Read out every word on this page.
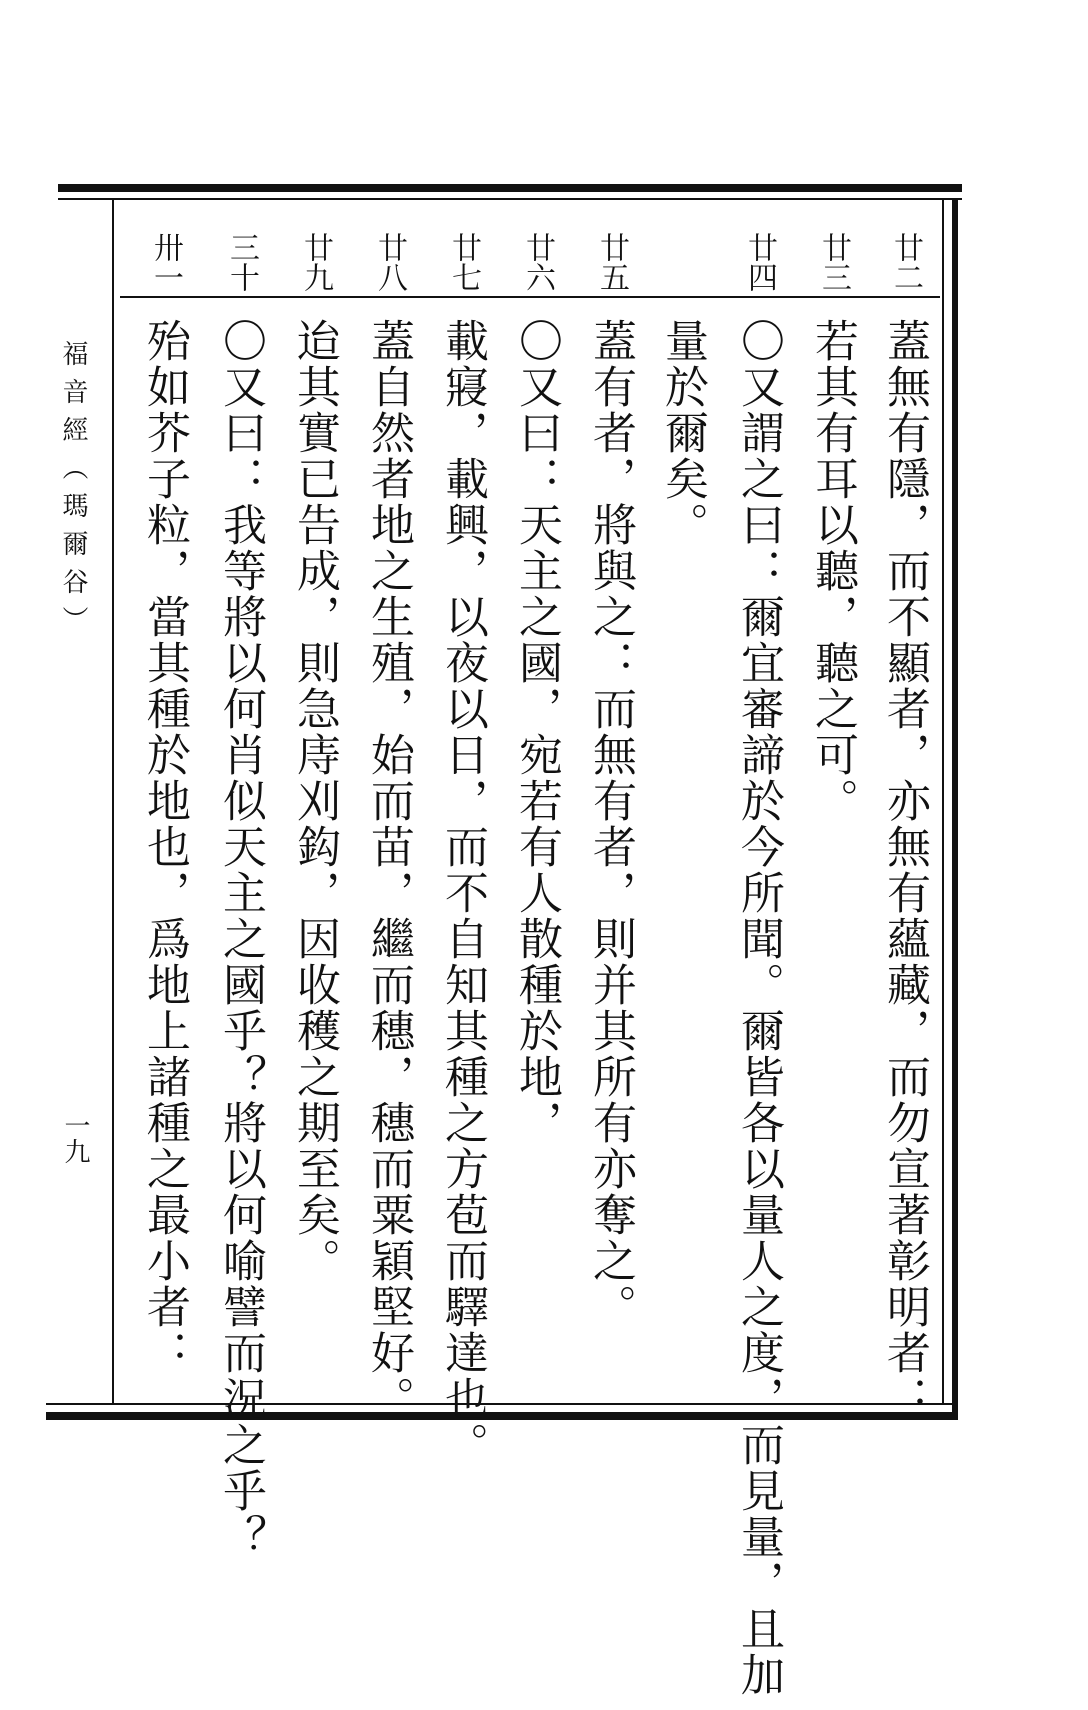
福音經（瑪爾谷）
一九
廿二
蓋無有隱，而不顯者，亦無有蘊藏，而勿宣著彰明者：
廿三
若其有耳以聽，聽之可。
廿四
〇又謂之曰：爾宜審諦於今所聞。爾皆各以量人之度，而見量，且加
量於爾矣。
廿五
蓋有者，將與之：而無有者，則并其所有亦奪之。
廿六
〇又曰：天主之國，宛若有人散種於地，
廿七
載寢，載興，以夜以日，而不自知其種之方苞而驛達也。
廿八
蓋自然者地之生殖，始而苗，繼而穗，穗而粟穎堅好。
廿九
迨其實已告成，則急庤刈鈎，因收穫之期至矣。
三十
〇又曰：我等將以何肖似天主之國乎？將以何喻譬而況之乎？
卅一
殆如芥子粒，當其種於地也，爲地上諸種之最小者：
